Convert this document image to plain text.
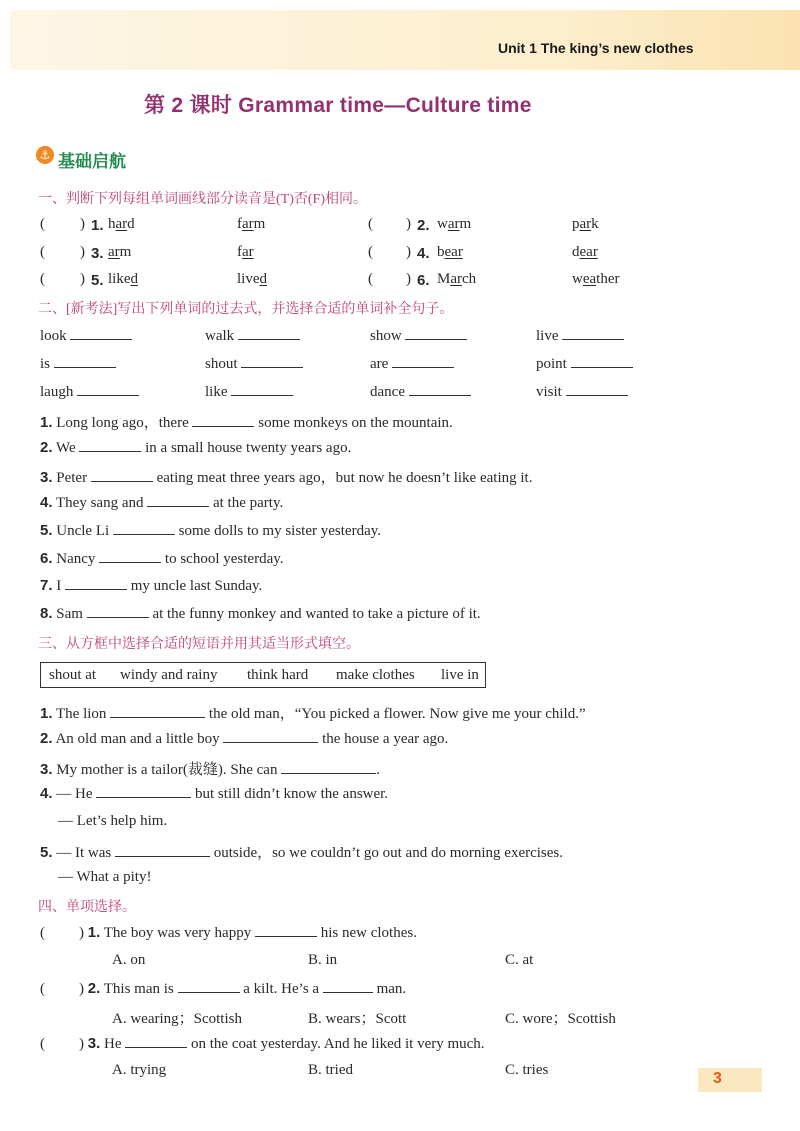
Unit 1 The king’s new clothes
第 2 课时 Grammar time—Culture time
⚓ 基础启航
一、判断下列每组单词画线部分读音是(T)否(F)相同。
( ) 1. hard	farm	( ) 2. warm	park
( ) 3. arm	far	( ) 4. bear	dear
( ) 5. liked	lived	( ) 6. March	weather
二、[新考法]写出下列单词的过去式，并选择合适的单词补全句子。
look	walk	show	live
is	shout	are	point
laugh	like	dance	visit
1. Long long ago，there	some monkeys on the mountain.
2. We	in a small house twenty years ago.
3. Peter	eating meat three years ago，but now he doesn’t like eating it.
4. They sang and	at the party.
5. Uncle Li	some dolls to my sister yesterday.
6. Nancy	to school yesterday.
7. I	my uncle last Sunday.
8. Sam	at the funny monkey and wanted to take a picture of it.
三、从方框中选择合适的短语并用其适当形式填空。
shout at windy and rainy think hard make clothes live in
1. The lion	the old man，“You picked a flower. Now give me your child.”
2. An old man and a little boy	the house a year ago.
3. My mother is a tailor(裁缝). She can	.
4. — He	but still didn’t know the answer.
— Let’s help him.
5. — It was	outside，so we couldn’t go out and do morning exercises.
— What a pity!
四、单项选择。
( ) 1. The boy was very happy	his new clothes.
A. on	B. in	C. at
( ) 2. This man is	a kilt. He’s a	man.
A. wearing；Scottish	B. wears；Scott	C. wore；Scottish
( ) 3. He	on the coat yesterday. And he liked it very much.
A. trying	B. tried	C. tries	3
